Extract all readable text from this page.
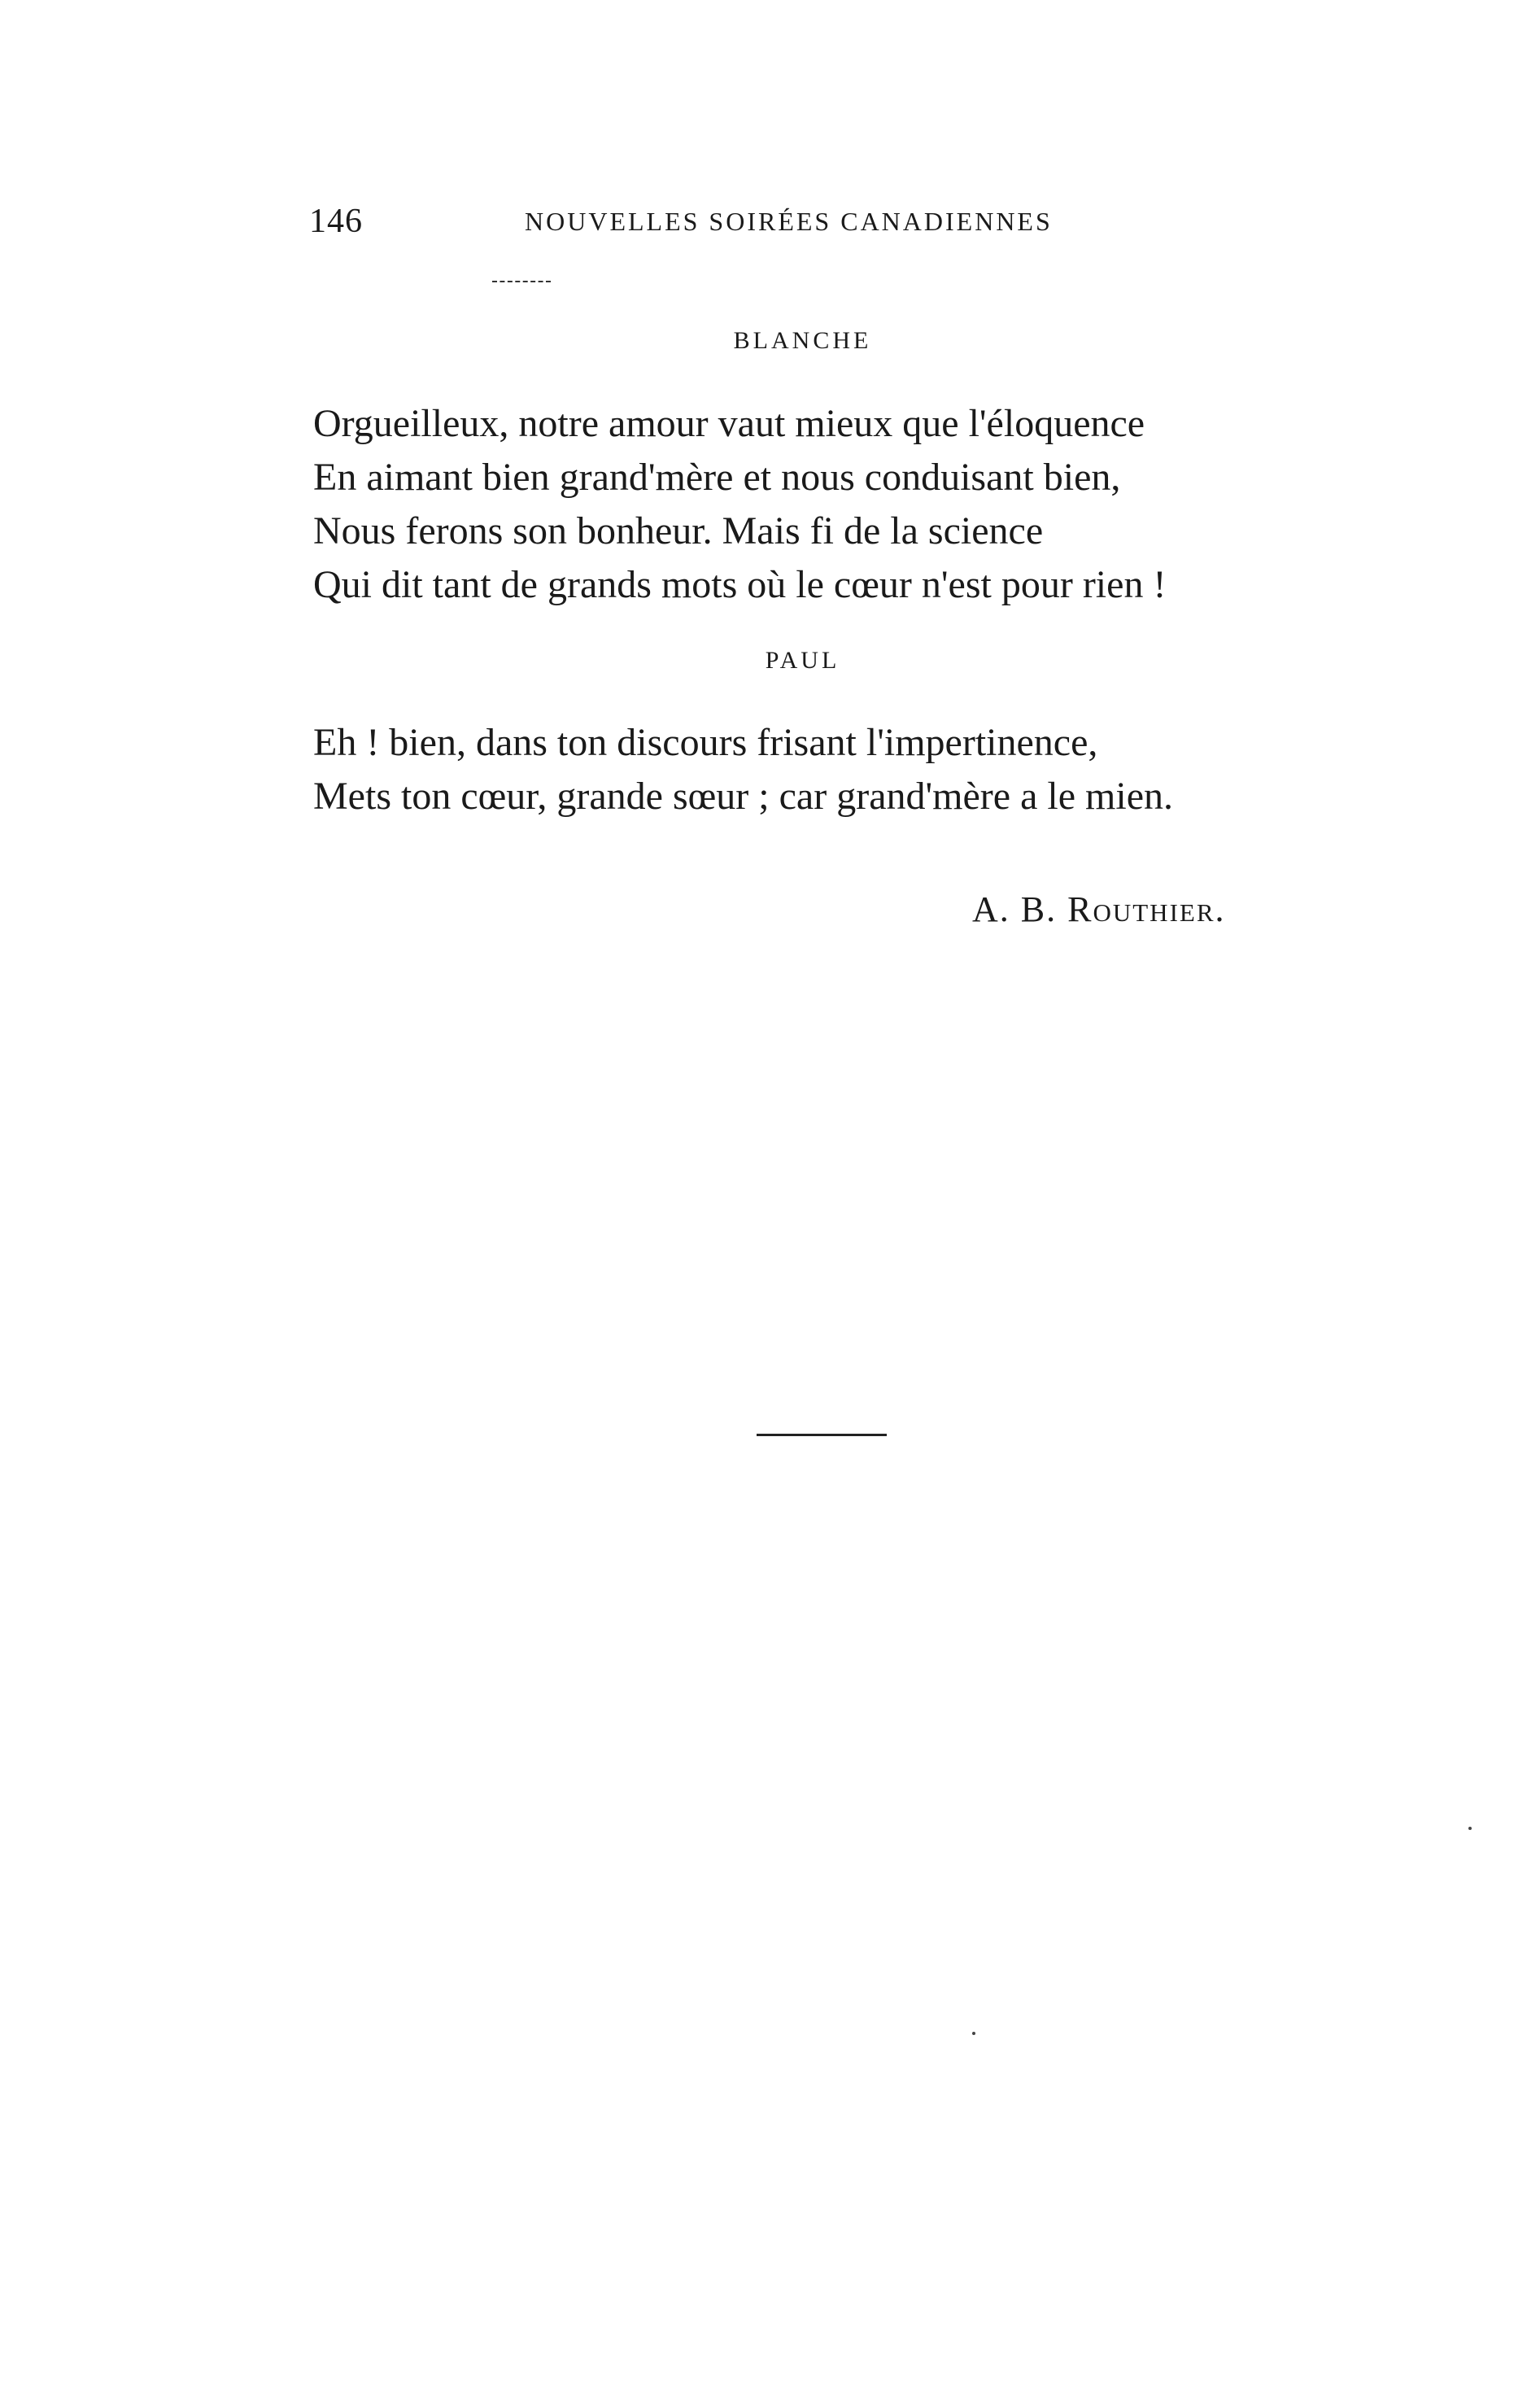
146	NOUVELLES SOIRÉES CANADIENNES
BLANCHE
Orgueilleux, notre amour vaut mieux que l'éloquence
En aimant bien grand'mère et nous conduisant bien,
Nous ferons son bonheur. Mais fi de la science
Qui dit tant de grands mots où le cœur n'est pour rien !
PAUL
Eh ! bien, dans ton discours frisant l'impertinence,
Mets ton cœur, grande sœur ; car grand'mère a le mien.
A. B. Routhier.
